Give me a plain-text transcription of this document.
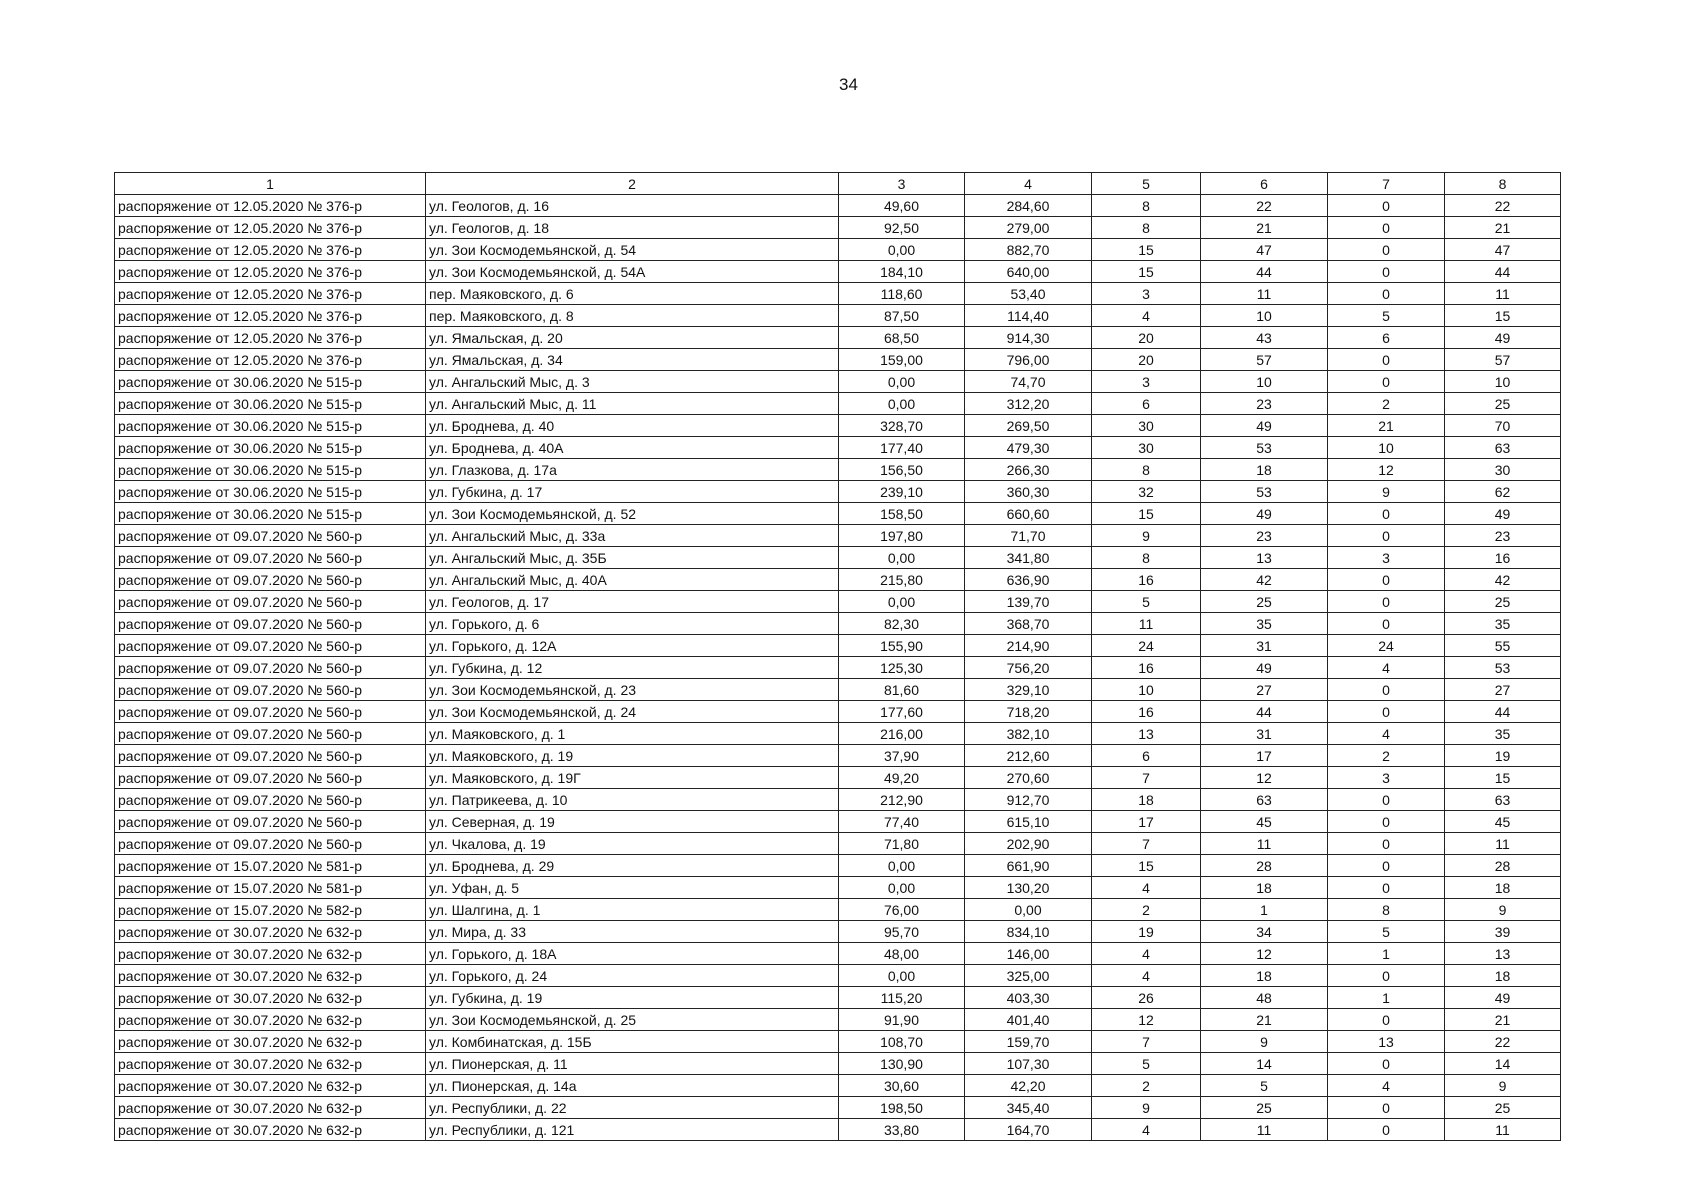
34
1	2	3	4	5	6	7	8
распоряжение от 12.05.2020 № 376-р	ул. Геологов, д. 16	49,60	284,60	8	22	0	22
распоряжение от 12.05.2020 № 376-р	ул. Геологов, д. 18	92,50	279,00	8	21	0	21
распоряжение от 12.05.2020 № 376-р	ул. Зои Космодемьянской, д. 54	0,00	882,70	15	47	0	47
распоряжение от 12.05.2020 № 376-р	ул. Зои Космодемьянской, д. 54А	184,10	640,00	15	44	0	44
распоряжение от 12.05.2020 № 376-р	пер. Маяковского, д. 6	118,60	53,40	3	11	0	11
распоряжение от 12.05.2020 № 376-р	пер. Маяковского, д. 8	87,50	114,40	4	10	5	15
распоряжение от 12.05.2020 № 376-р	ул. Ямальская, д. 20	68,50	914,30	20	43	6	49
распоряжение от 12.05.2020 № 376-р	ул. Ямальская, д. 34	159,00	796,00	20	57	0	57
распоряжение от 30.06.2020 № 515-р	ул. Ангальский Мыс, д. 3	0,00	74,70	3	10	0	10
распоряжение от 30.06.2020 № 515-р	ул. Ангальский Мыс, д. 11	0,00	312,20	6	23	2	25
распоряжение от 30.06.2020 № 515-р	ул. Броднева, д. 40	328,70	269,50	30	49	21	70
распоряжение от 30.06.2020 № 515-р	ул. Броднева, д. 40А	177,40	479,30	30	53	10	63
распоряжение от 30.06.2020 № 515-р	ул. Глазкова, д. 17а	156,50	266,30	8	18	12	30
распоряжение от 30.06.2020 № 515-р	ул. Губкина, д. 17	239,10	360,30	32	53	9	62
распоряжение от 30.06.2020 № 515-р	ул. Зои Космодемьянской, д. 52	158,50	660,60	15	49	0	49
распоряжение от 09.07.2020 № 560-р	ул. Ангальский Мыс, д. 33а	197,80	71,70	9	23	0	23
распоряжение от 09.07.2020 № 560-р	ул. Ангальский Мыс, д. 35Б	0,00	341,80	8	13	3	16
распоряжение от 09.07.2020 № 560-р	ул. Ангальский Мыс, д. 40А	215,80	636,90	16	42	0	42
распоряжение от 09.07.2020 № 560-р	ул. Геологов, д. 17	0,00	139,70	5	25	0	25
распоряжение от 09.07.2020 № 560-р	ул. Горького, д. 6	82,30	368,70	11	35	0	35
распоряжение от 09.07.2020 № 560-р	ул. Горького, д. 12А	155,90	214,90	24	31	24	55
распоряжение от 09.07.2020 № 560-р	ул. Губкина, д. 12	125,30	756,20	16	49	4	53
распоряжение от 09.07.2020 № 560-р	ул. Зои Космодемьянской, д. 23	81,60	329,10	10	27	0	27
распоряжение от 09.07.2020 № 560-р	ул. Зои Космодемьянской, д. 24	177,60	718,20	16	44	0	44
распоряжение от 09.07.2020 № 560-р	ул. Маяковского, д. 1	216,00	382,10	13	31	4	35
распоряжение от 09.07.2020 № 560-р	ул. Маяковского, д. 19	37,90	212,60	6	17	2	19
распоряжение от 09.07.2020 № 560-р	ул. Маяковского, д. 19Г	49,20	270,60	7	12	3	15
распоряжение от 09.07.2020 № 560-р	ул. Патрикеева, д. 10	212,90	912,70	18	63	0	63
распоряжение от 09.07.2020 № 560-р	ул. Северная, д. 19	77,40	615,10	17	45	0	45
распоряжение от 09.07.2020 № 560-р	ул. Чкалова, д. 19	71,80	202,90	7	11	0	11
распоряжение от 15.07.2020 № 581-р	ул. Броднева, д. 29	0,00	661,90	15	28	0	28
распоряжение от 15.07.2020 № 581-р	ул. Уфан, д. 5	0,00	130,20	4	18	0	18
распоряжение от 15.07.2020 № 582-р	ул. Шалгина, д. 1	76,00	0,00	2	1	8	9
распоряжение от 30.07.2020 № 632-р	ул. Мира, д. 33	95,70	834,10	19	34	5	39
распоряжение от 30.07.2020 № 632-р	ул. Горького, д. 18А	48,00	146,00	4	12	1	13
распоряжение от 30.07.2020 № 632-р	ул. Горького, д. 24	0,00	325,00	4	18	0	18
распоряжение от 30.07.2020 № 632-р	ул. Губкина, д. 19	115,20	403,30	26	48	1	49
распоряжение от 30.07.2020 № 632-р	ул. Зои Космодемьянской, д. 25	91,90	401,40	12	21	0	21
распоряжение от 30.07.2020 № 632-р	ул. Комбинатская, д. 15Б	108,70	159,70	7	9	13	22
распоряжение от 30.07.2020 № 632-р	ул. Пионерская, д. 11	130,90	107,30	5	14	0	14
распоряжение от 30.07.2020 № 632-р	ул. Пионерская, д. 14а	30,60	42,20	2	5	4	9
распоряжение от 30.07.2020 № 632-р	ул. Республики, д. 22	198,50	345,40	9	25	0	25
распоряжение от 30.07.2020 № 632-р	ул. Республики, д. 121	33,80	164,70	4	11	0	11
